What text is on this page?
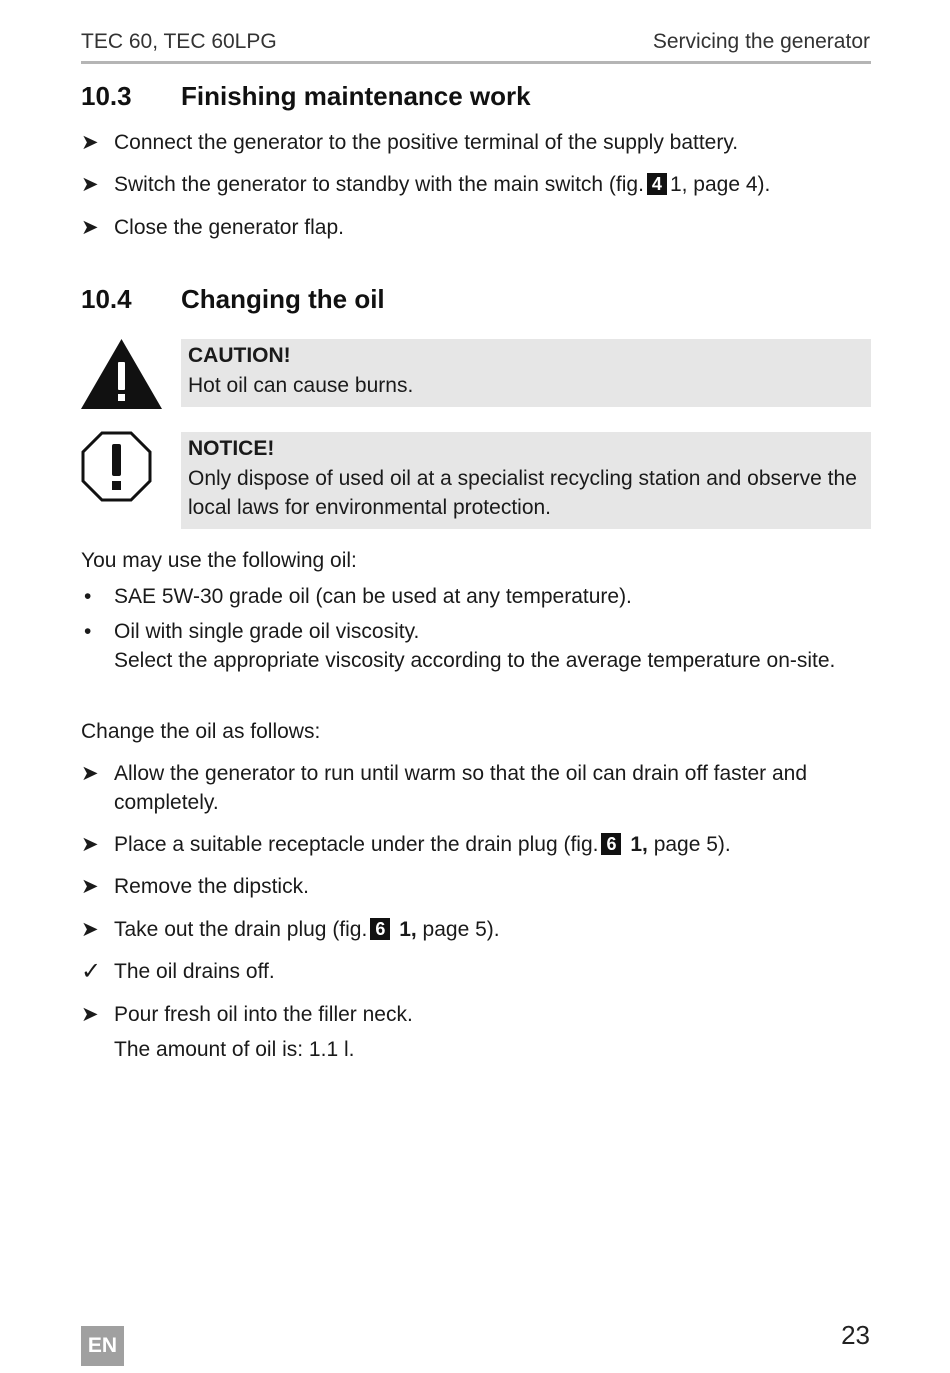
TEC 60, TEC 60LPG	Servicing the generator
10.3 Finishing maintenance work
➤ Connect the generator to the positive terminal of the supply battery.
➤ Switch the generator to standby with the main switch (fig. 4 1, page 4).
➤ Close the generator flap.
10.4 Changing the oil
CAUTION!
Hot oil can cause burns.
NOTICE!
Only dispose of used oil at a specialist recycling station and observe the
local laws for environmental protection.
You may use the following oil:
• SAE 5W-30 grade oil (can be used at any temperature).
• Oil with single grade oil viscosity.
Select the appropriate viscosity according to the average temperature on-site.
Change the oil as follows:
➤ Allow the generator to run until warm so that the oil can drain off faster and
completely.
➤ Place a suitable receptacle under the drain plug (fig. 6 1, page 5).
➤ Remove the dipstick.
➤ Take out the drain plug (fig. 6 1, page 5).
✓ The oil drains off.
➤ Pour fresh oil into the filler neck.
The amount of oil is: 1.1 l.
EN	23
